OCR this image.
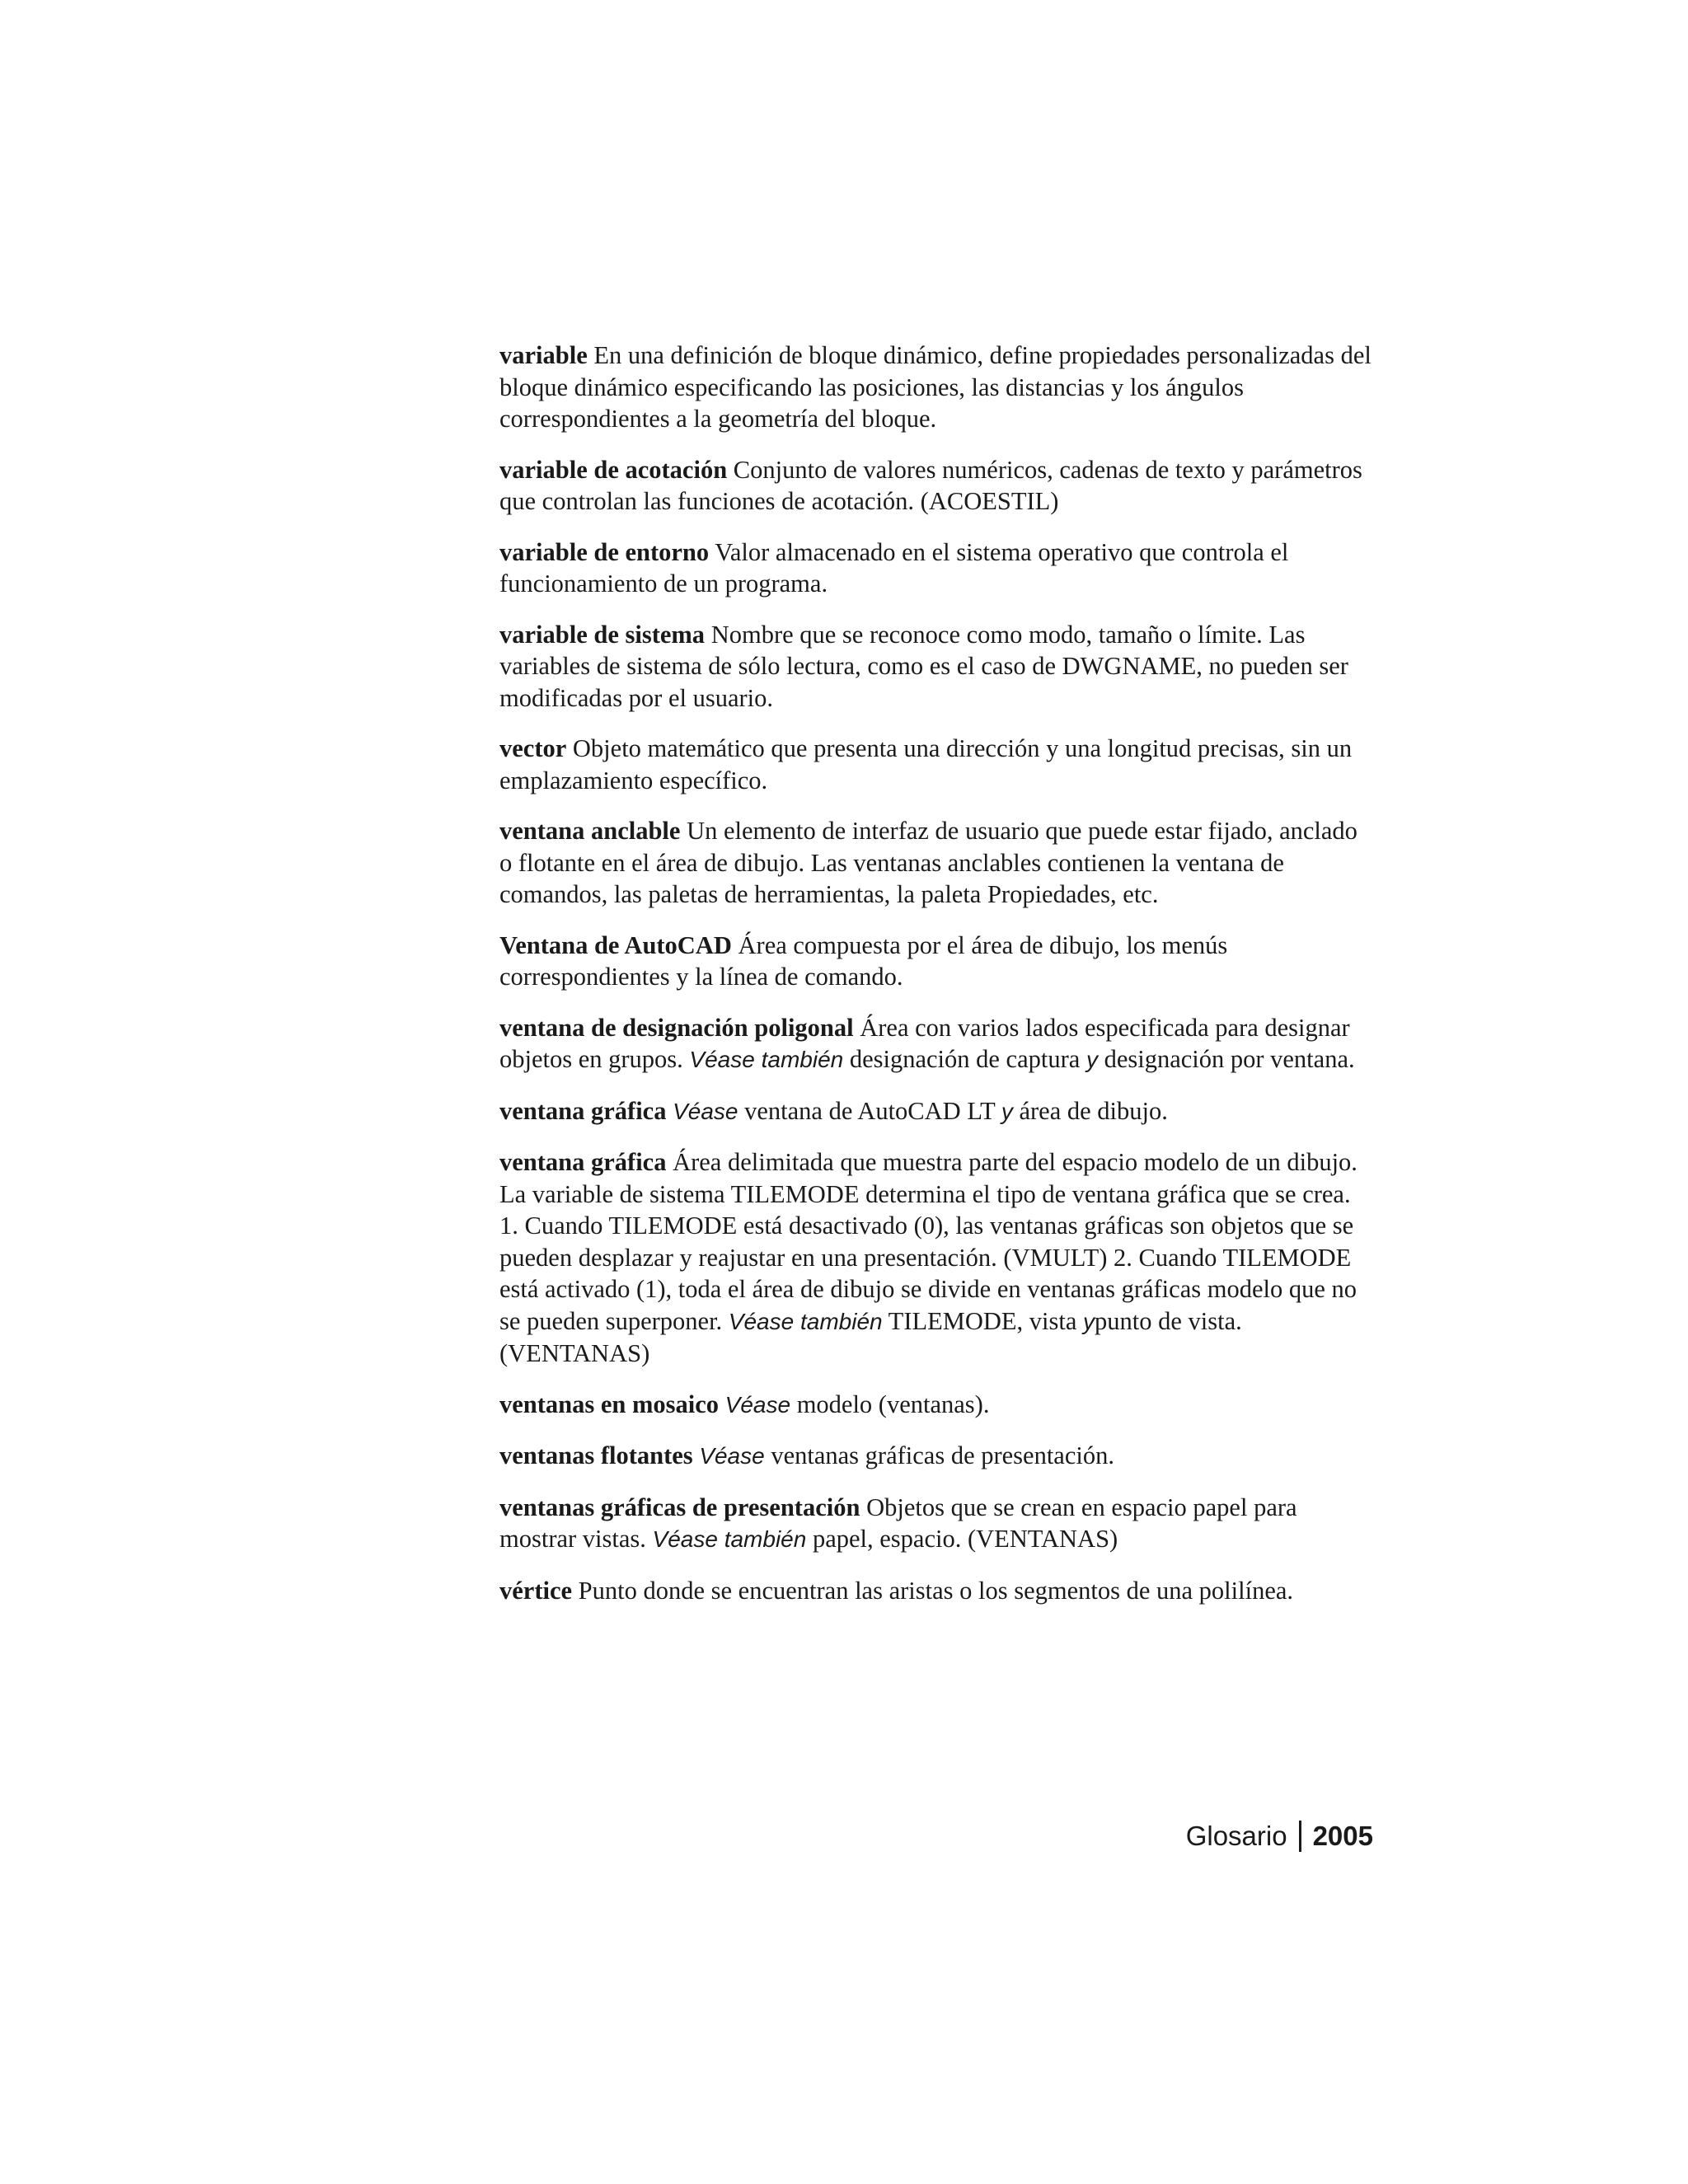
variable En una definición de bloque dinámico, define propiedades personalizadas del bloque dinámico especificando las posiciones, las distancias y los ángulos correspondientes a la geometría del bloque.

variable de acotación Conjunto de valores numéricos, cadenas de texto y parámetros que controlan las funciones de acotación. (ACOESTIL)

variable de entorno Valor almacenado en el sistema operativo que controla el funcionamiento de un programa.

variable de sistema Nombre que se reconoce como modo, tamaño o límite. Las variables de sistema de sólo lectura, como es el caso de DWGNAME, no pueden ser modificadas por el usuario.

vector Objeto matemático que presenta una dirección y una longitud precisas, sin un emplazamiento específico.

ventana anclable Un elemento de interfaz de usuario que puede estar fijado, anclado o flotante en el área de dibujo. Las ventanas anclables contienen la ventana de comandos, las paletas de herramientas, la paleta Propiedades, etc.

Ventana de AutoCAD Área compuesta por el área de dibujo, los menús correspondientes y la línea de comando.

ventana de designación poligonal Área con varios lados especificada para designar objetos en grupos. Véase también designación de captura y designación por ventana.

ventana gráfica Véase ventana de AutoCAD LT y área de dibujo.

ventana gráfica Área delimitada que muestra parte del espacio modelo de un dibujo. La variable de sistema TILEMODE determina el tipo de ventana gráfica que se crea. 1. Cuando TILEMODE está desactivado (0), las ventanas gráficas son objetos que se pueden desplazar y reajustar en una presentación. (VMULT) 2. Cuando TILEMODE está activado (1), toda el área de dibujo se divide en ventanas gráficas modelo que no se pueden superponer. Véase también TILEMODE, vista ypunto de vista. (VENTANAS)

ventanas en mosaico Véase modelo (ventanas).

ventanas flotantes Véase ventanas gráficas de presentación.

ventanas gráficas de presentación Objetos que se crean en espacio papel para mostrar vistas. Véase también papel, espacio. (VENTANAS)

vértice Punto donde se encuentran las aristas o los segmentos de una polilínea.

Glosario 2005
